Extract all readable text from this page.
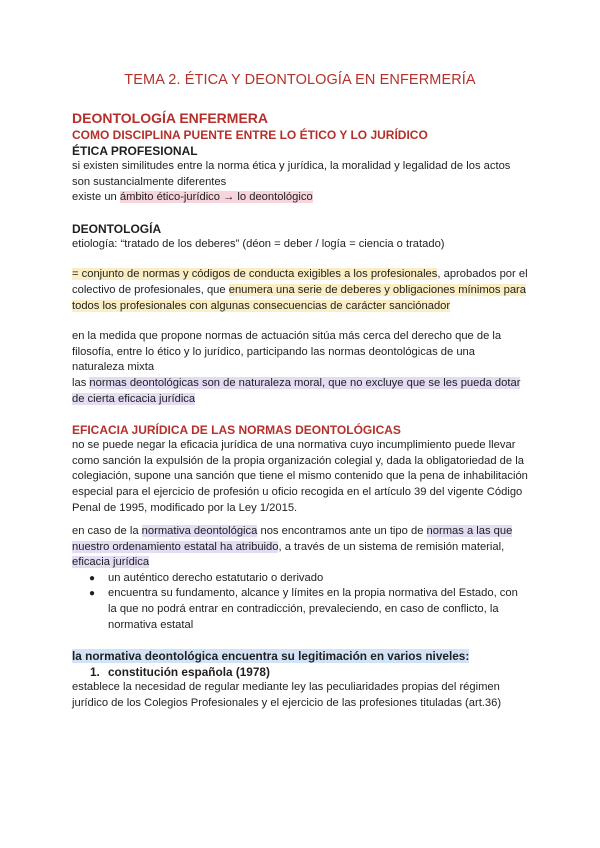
TEMA 2. ÉTICA Y DEONTOLOGÍA EN ENFERMERÍA
DEONTOLOGÍA ENFERMERA
COMO DISCIPLINA PUENTE ENTRE LO ÉTICO Y LO JURÍDICO
ÉTICA PROFESIONAL

si existen similitudes entre la norma ética y jurídica, la moralidad y legalidad de los actos son sustancialmente diferentes

existe un ámbito ético-jurídico → lo deontológico

DEONTOLOGÍA

etiología: “tratado de los deberes” (déon = deber / logía = ciencia o tratado)

= conjunto de normas y códigos de conducta exigibles a los profesionales, aprobados por el colectivo de profesionales, que enumera una serie de deberes y obligaciones mínimos para todos los profesionales con algunas consecuencias de carácter sanciónador

en la medida que propone normas de actuación sitúa más cerca del derecho que de la filosofía, entre lo ético y lo jurídico, participando las normas deontológicas de una naturaleza mixta

las normas deontológicas son de naturaleza moral, que no excluye que se les pueda dotar de cierta eficacia jurídica

EFICACIA JURÍDICA DE LAS NORMAS DEONTOLÓGICAS

no se puede negar la eficacia jurídica de una normativa cuyo incumplimiento puede llevar como sanción la expulsión de la propia organización colegial y, dada la obligatoriedad de la colegiación, supone una sanción que tiene el mismo contenido que la pena de inhabilitación especial para el ejercicio de profesión u oficio recogida en el artículo 39 del vigente Código Penal de 1995, modificado por la Ley 1/2015.

en caso de la normativa deontológica nos encontramos ante un tipo de normas a las que nuestro ordenamiento estatal ha atribuido, a través de un sistema de remisión material, eficacia jurídica

● un auténtico derecho estatutario o derivado
● encuentra su fundamento, alcance y límites en la propia normativa del Estado, con la que no podrá entrar en contradicción, prevaleciendo, en caso de conflicto, la normativa estatal

la normativa deontológica encuentra su legitimación en varios niveles:

1. constitución española (1978)

establece la necesidad de regular mediante ley las peculiaridades propias del régimen jurídico de los Colegios Profesionales y el ejercicio de las profesiones tituladas (art.36)
